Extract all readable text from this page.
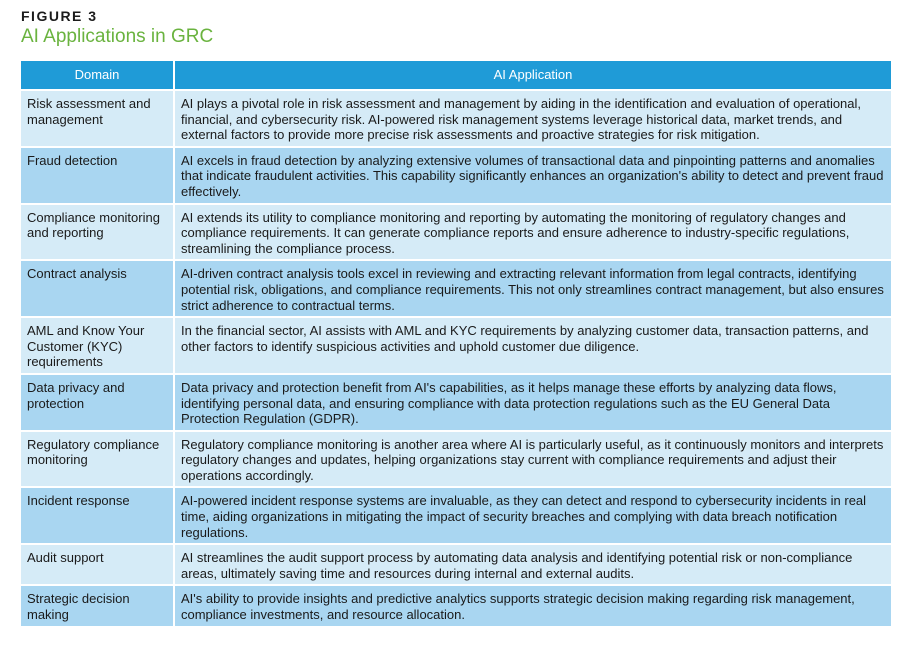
FIGURE 3
AI Applications in GRC
Domain	AI Application
Risk assessment and management	AI plays a pivotal role in risk assessment and management by aiding in the identification and evaluation of operational, financial, and cybersecurity risk. AI-powered risk management systems leverage historical data, market trends, and external factors to provide more precise risk assessments and proactive strategies for risk mitigation.
Fraud detection	AI excels in fraud detection by analyzing extensive volumes of transactional data and pinpointing patterns and anomalies that indicate fraudulent activities. This capability significantly enhances an organization's ability to detect and prevent fraud effectively.
Compliance monitoring and reporting	AI extends its utility to compliance monitoring and reporting by automating the monitoring of regulatory changes and compliance requirements. It can generate compliance reports and ensure adherence to industry-specific regulations, streamlining the compliance process.
Contract analysis	AI-driven contract analysis tools excel in reviewing and extracting relevant information from legal contracts, identifying potential risk, obligations, and compliance requirements. This not only streamlines contract management, but also ensures strict adherence to contractual terms.
AML and Know Your Customer (KYC) requirements	In the financial sector, AI assists with AML and KYC requirements by analyzing customer data, transaction patterns, and other factors to identify suspicious activities and uphold customer due diligence.
Data privacy and protection	Data privacy and protection benefit from AI's capabilities, as it helps manage these efforts by analyzing data flows, identifying personal data, and ensuring compliance with data protection regulations such as the EU General Data Protection Regulation (GDPR).
Regulatory compliance monitoring	Regulatory compliance monitoring is another area where AI is particularly useful, as it continuously monitors and interprets regulatory changes and updates, helping organizations stay current with compliance requirements and adjust their operations accordingly.
Incident response	AI-powered incident response systems are invaluable, as they can detect and respond to cybersecurity incidents in real time, aiding organizations in mitigating the impact of security breaches and complying with data breach notification regulations.
Audit support	AI streamlines the audit support process by automating data analysis and identifying potential risk or non-compliance areas, ultimately saving time and resources during internal and external audits.
Strategic decision making	AI's ability to provide insights and predictive analytics supports strategic decision making regarding risk management, compliance investments, and resource allocation.
